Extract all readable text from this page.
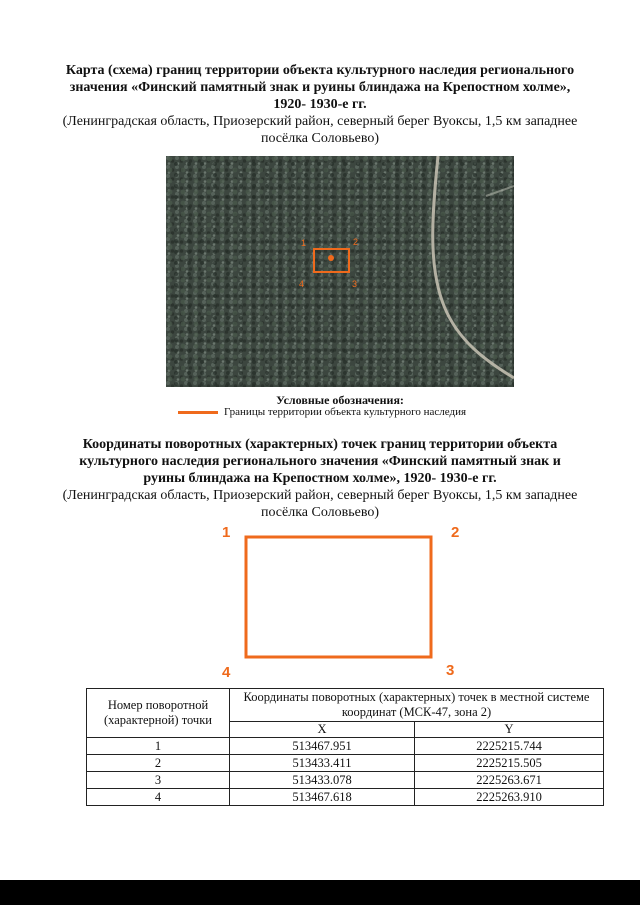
Карта (схема) границ территории объекта культурного наследия регионального значения «Финский памятный знак и руины блиндажа на Крепостном холме», 1920- 1930-е гг.
(Ленинградская область, Приозерский район, северный берег Вуоксы, 1,5 км западнее посёлка Соловьево)
1	2
3
4
Условные обозначения:
Границы территории объекта культурного наследия
Координаты поворотных (характерных) точек границ территории объекта культурного наследия регионального значения «Финский памятный знак и руины блиндажа на Крепостном холме», 1920- 1930-е гг.
(Ленинградская область, Приозерский район, северный берег Вуоксы, 1,5 км западнее посёлка Соловьево)
1	2
3
4
Номер поворотной (характерной) точки	Координаты поворотных (характерных) точек в местной системе координат (МСК-47, зона 2)	
	X	Y
1	513467.951	2225215.744
2	513433.411	2225215.505
3	513433.078	2225263.671
4	513467.618	2225263.910
